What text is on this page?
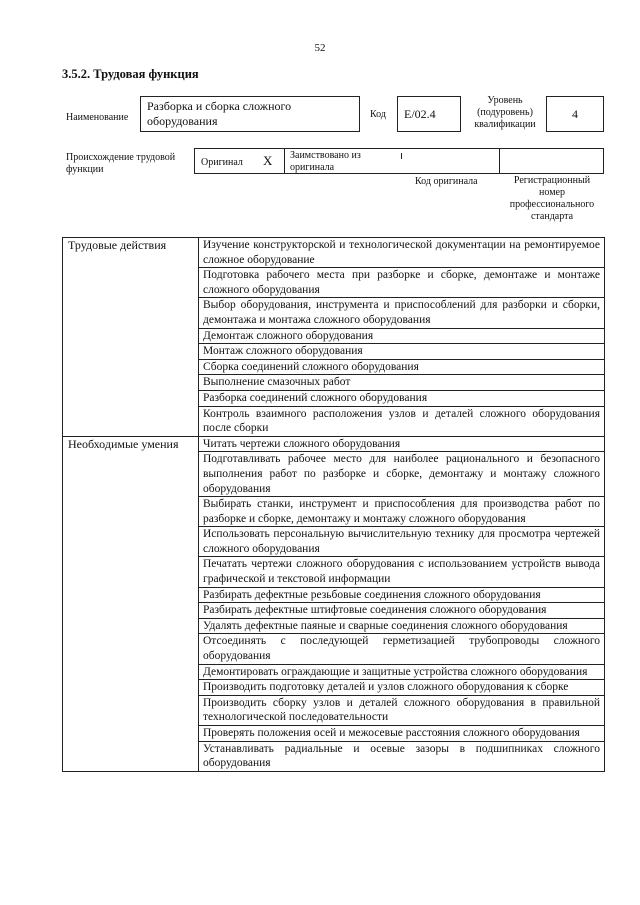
52
3.5.2. Трудовая функция
Наименование
Разборка и сборка сложного оборудования	Код	E/02.4
Уровень (подуровень) квалификации
4
Происхождение трудовой функции
Оригинал X Заимствовано из оригинала
Код оригинала	Регистрационный номер профессионального стандарта
Трудовые действия	Изучение конструкторской и технологической документации на ремонтируемое сложное оборудование
	Подготовка рабочего места при разборке и сборке, демонтаже и монтаже сложного оборудования
	Выбор оборудования, инструмента и приспособлений для разборки и сборки, демонтажа и монтажа сложного оборудования
	Демонтаж сложного оборудования
	Монтаж сложного оборудования
	Сборка соединений сложного оборудования
	Выполнение смазочных работ
	Разборка соединений сложного оборудования
	Контроль взаимного расположения узлов и деталей сложного оборудования после сборки
Необходимые умения	Читать чертежи сложного оборудования
	Подготавливать рабочее место для наиболее рационального и безопасного выполнения работ по разборке и сборке, демонтажу и монтажу сложного оборудования
	Выбирать станки, инструмент и приспособления для производства работ по разборке и сборке, демонтажу и монтажу сложного оборудования
	Использовать персональную вычислительную технику для просмотра чертежей сложного оборудования
	Печатать чертежи сложного оборудования с использованием устройств вывода графической и текстовой информации
	Разбирать дефектные резьбовые соединения сложного оборудования
	Разбирать дефектные штифтовые соединения сложного оборудования
	Удалять дефектные паяные и сварные соединения сложного оборудования
	Отсоединять с последующей герметизацией трубопроводы сложного оборудования
	Демонтировать ограждающие и защитные устройства сложного оборудования
	Производить подготовку деталей и узлов сложного оборудования к сборке
	Производить сборку узлов и деталей сложного оборудования в правильной технологической последовательности
	Проверять положения осей и межосевые расстояния сложного оборудования
	Устанавливать радиальные и осевые зазоры в подшипниках сложного оборудования
